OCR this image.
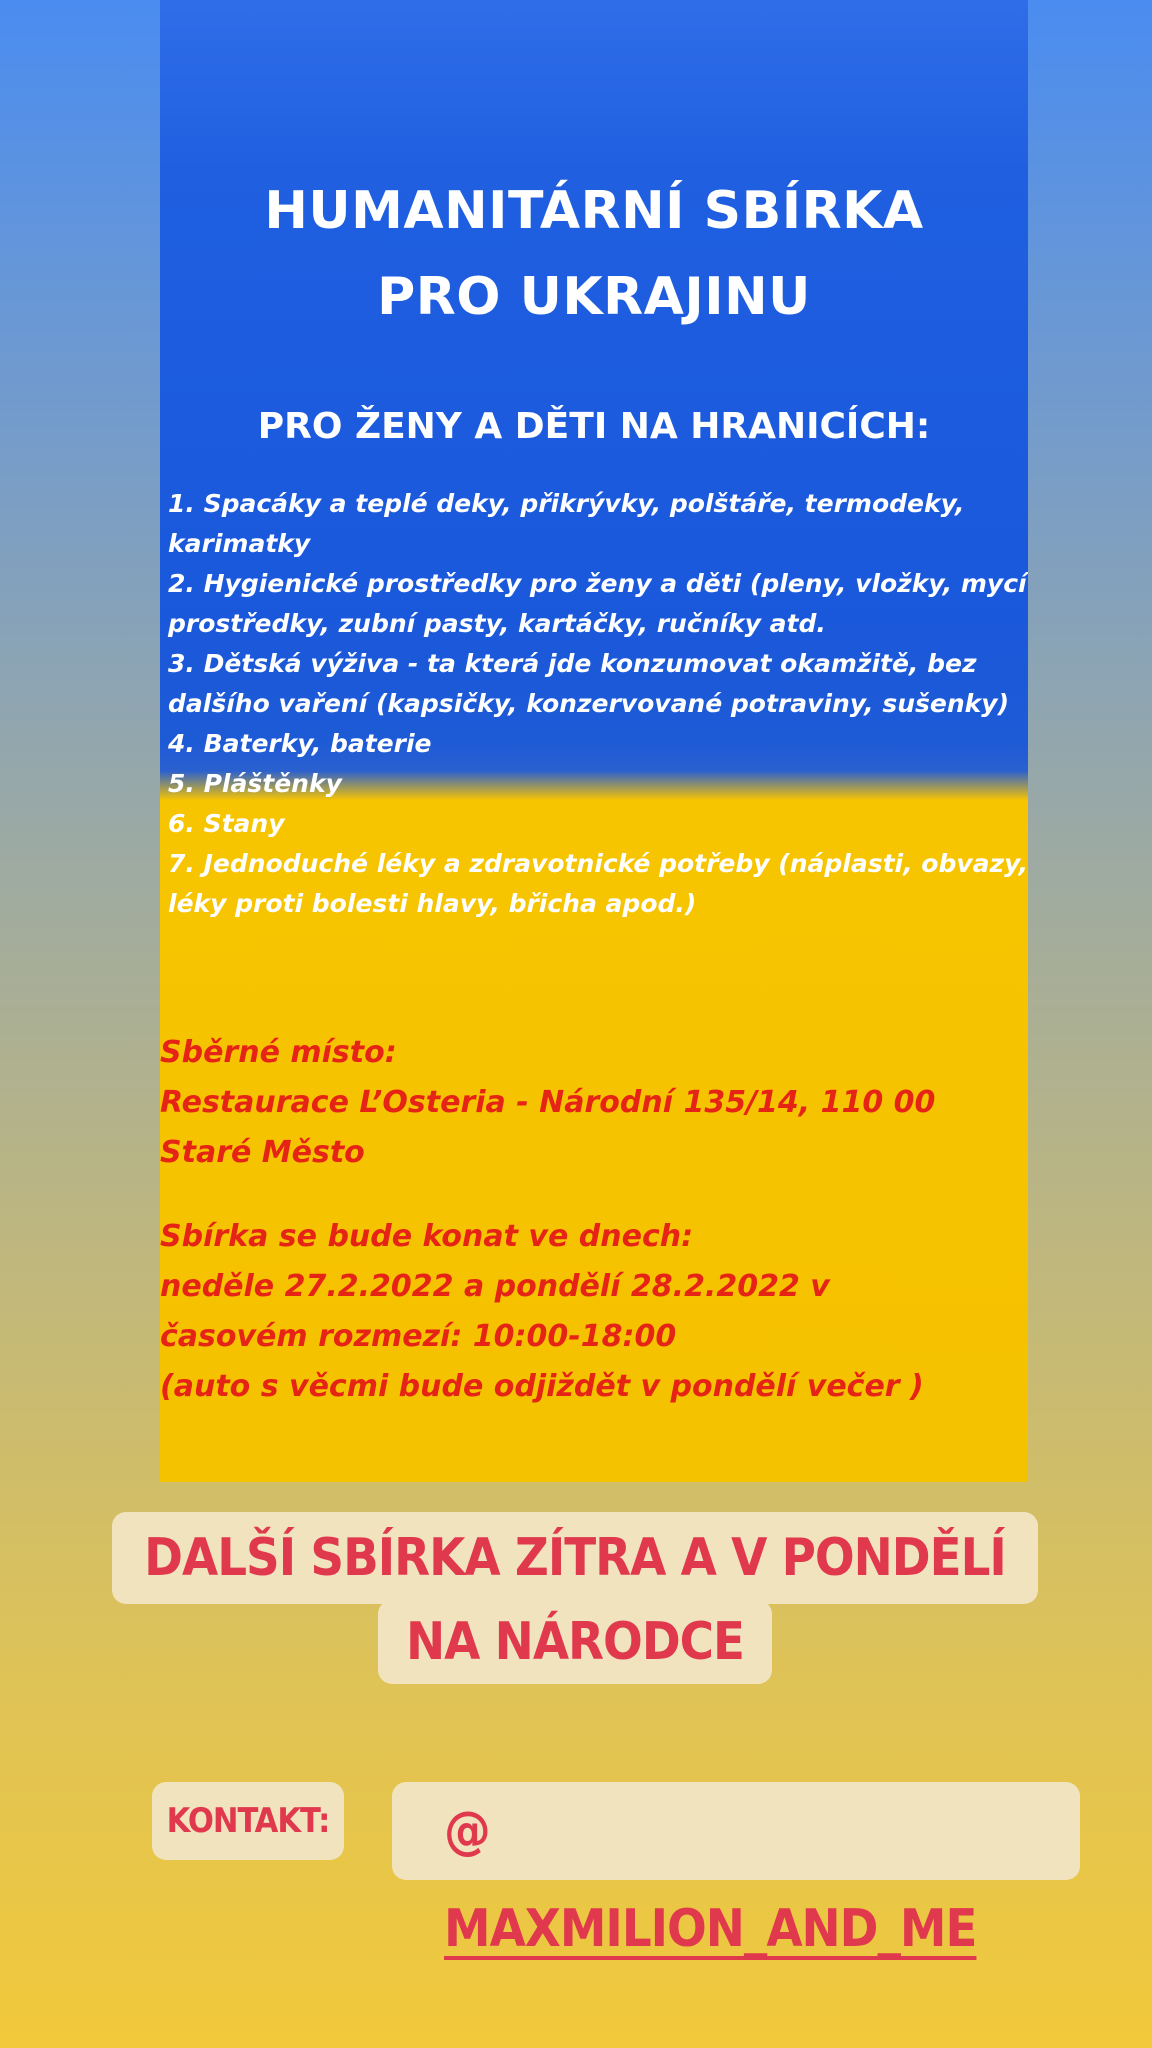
HUMANITÁRNÍ SBÍRKA
PRO UKRAJINU
PRO ŽENY A DĚTI NA HRANICÍCH:
1. Spacáky a teplé deky, přikrývky, polštáře, termodeky, karimatky
2. Hygienické prostředky pro ženy a děti (pleny, vložky, mycí prostředky, zubní pasty, kartáčky, ručníky atd.
3. Dětská výživa - ta která jde konzumovat okamžitě, bez dalšího vaření (kapsičky, konzervované potraviny, sušenky)
4. Baterky, baterie
5. Pláštěnky
6. Stany
7. Jednoduché léky a zdravotnické potřeby (náplasti, obvazy, léky proti bolesti hlavy, břicha apod.)
Sběrné místo:
Restaurace L’Osteria - Národní 135/14, 110 00
Staré Město
Sbírka se bude konat ve dnech:
neděle 27.2.2022 a pondělí 28.2.2022 v
časovém rozmezí: 10:00-18:00
(auto s věcmi bude odjiždět v pondělí večer )
DALŠÍ SBÍRKA ZÍTRA A V PONDĚLÍ
NA NÁRODCE
KONTAKT:	@
MAXMILION_AND_ME
